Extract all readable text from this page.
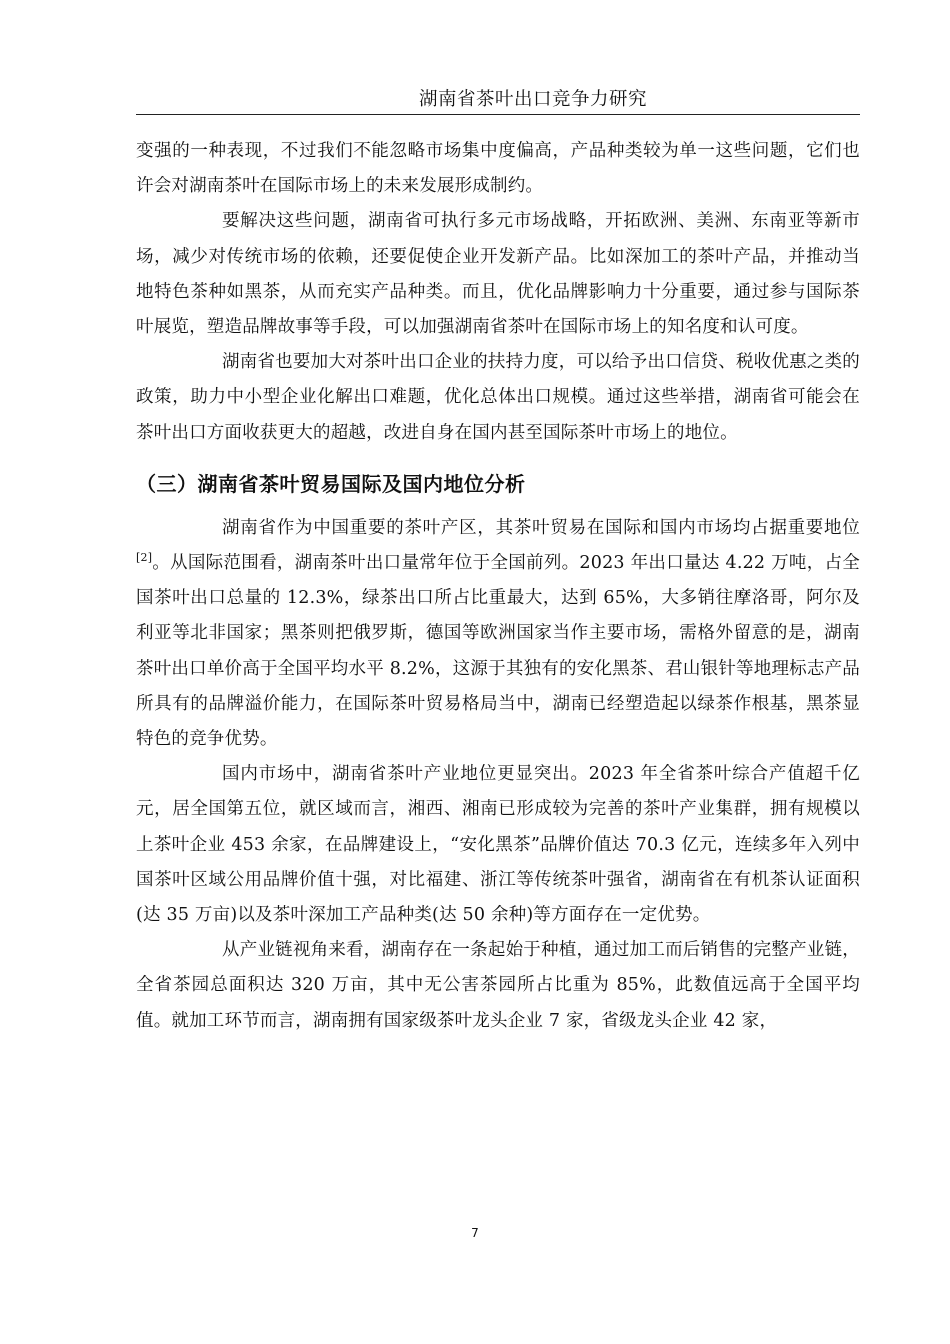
湖南省茶叶出口竞争力研究

变强的一种表现，不过我们不能忽略市场集中度偏高，产品种类较为单一这些问题，它们也许会对湖南茶叶在国际市场上的未来发展形成制约。

要解决这些问题，湖南省可执行多元市场战略，开拓欧洲、美洲、东南亚等新市场，减少对传统市场的依赖，还要促使企业开发新产品。比如深加工的茶叶产品，并推动当地特色茶种如黑茶，从而充实产品种类。而且，优化品牌影响力十分重要，通过参与国际茶叶展览，塑造品牌故事等手段，可以加强湖南省茶叶在国际市场上的知名度和认可度。

湖南省也要加大对茶叶出口企业的扶持力度，可以给予出口信贷、税收优惠之类的政策，助力中小型企业化解出口难题，优化总体出口规模。通过这些举措，湖南省可能会在茶叶出口方面收获更大的超越，改进自身在国内甚至国际茶叶市场上的地位。

（三）湖南省茶叶贸易国际及国内地位分析

湖南省作为中国重要的茶叶产区，其茶叶贸易在国际和国内市场均占据重要地位[2]。从国际范围看，湖南茶叶出口量常年位于全国前列。2023 年出口量达 4.22 万吨，占全国茶叶出口总量的 12.3%，绿茶出口所占比重最大，达到 65%，大多销往摩洛哥，阿尔及利亚等北非国家；黑茶则把俄罗斯，德国等欧洲国家当作主要市场，需格外留意的是，湖南茶叶出口单价高于全国平均水平 8.2%，这源于其独有的安化黑茶、君山银针等地理标志产品所具有的品牌溢价能力，在国际茶叶贸易格局当中，湖南已经塑造起以绿茶作根基，黑茶显特色的竞争优势。

国内市场中，湖南省茶叶产业地位更显突出。2023 年全省茶叶综合产值超千亿元，居全国第五位，就区域而言，湘西、湘南已形成较为完善的茶叶产业集群，拥有规模以上茶叶企业 453 余家，在品牌建设上，“安化黑茶”品牌价值达 70.3 亿元，连续多年入列中国茶叶区域公用品牌价值十强，对比福建、浙江等传统茶叶强省，湖南省在有机茶认证面积(达 35 万亩)以及茶叶深加工产品种类(达 50 余种)等方面存在一定优势。

从产业链视角来看，湖南存在一条起始于种植，通过加工而后销售的完整产业链，全省茶园总面积达 320 万亩，其中无公害茶园所占比重为 85%，此数值远高于全国平均值。就加工环节而言，湖南拥有国家级茶叶龙头企业 7 家，省级龙头企业 42 家，

7
